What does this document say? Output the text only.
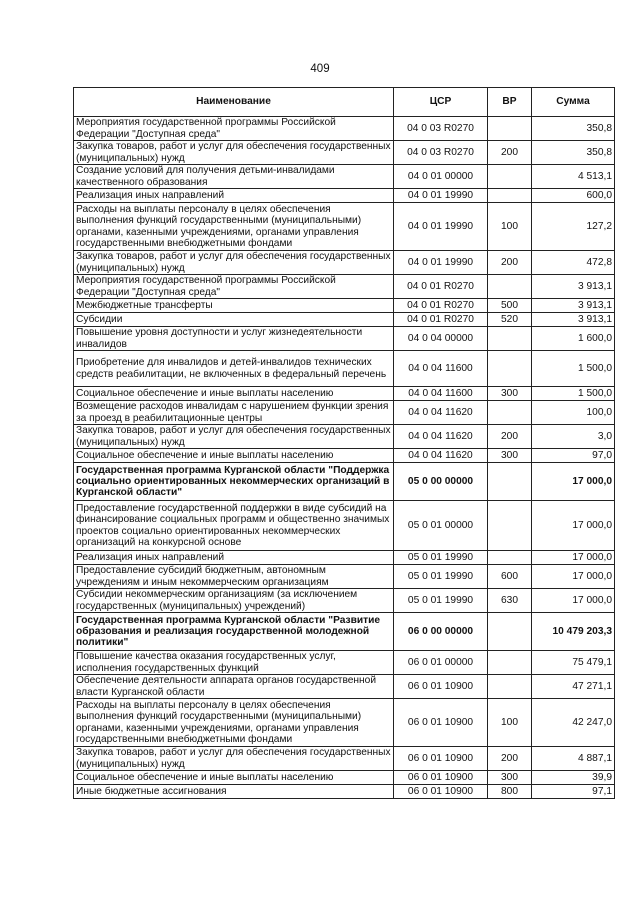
409
Наименование	ЦСР	ВР	Сумма
Мероприятия государственной программы Российской Федерации "Доступная среда"	04 0 03 R0270		350,8
Закупка товаров, работ и услуг для обеспечения государственных (муниципальных) нужд	04 0 03 R0270	200	350,8
Создание условий для получения детьми-инвалидами качественного образования	04 0 01 00000		4 513,1
Реализация иных направлений	04 0 01 19990		600,0
Расходы на выплаты персоналу в целях обеспечения выполнения функций государственными (муниципальными) органами, казенными учреждениями, органами управления государственными внебюджетными фондами	04 0 01 19990	100	127,2
Закупка товаров, работ и услуг для обеспечения государственных (муниципальных) нужд	04 0 01 19990	200	472,8
Мероприятия государственной программы Российской Федерации "Доступная среда"	04 0 01 R0270		3 913,1
Межбюджетные трансферты	04 0 01 R0270	500	3 913,1
Субсидии	04 0 01 R0270	520	3 913,1
Повышение уровня доступности и услуг жизнедеятельности инвалидов	04 0 04 00000		1 600,0
Приобретение для инвалидов и детей-инвалидов технических средств реабилитации, не включенных в федеральный перечень	04 0 04 11600		1 500,0
Социальное обеспечение и иные выплаты населению	04 0 04 11600	300	1 500,0
Возмещение расходов инвалидам с нарушением функции зрения за проезд в реабилитационные центры	04 0 04 11620		100,0
Закупка товаров, работ и услуг для обеспечения государственных (муниципальных) нужд	04 0 04 11620	200	3,0
Социальное обеспечение и иные выплаты населению	04 0 04 11620	300	97,0
Государственная программа Курганской области "Поддержка социально ориентированных некоммерческих организаций в Курганской области"	05 0 00 00000		17 000,0
Предоставление государственной поддержки в виде субсидий на финансирование социальных программ и общественно значимых проектов социально ориентированных некоммерческих организаций на конкурсной основе	05 0 01 00000		17 000,0
Реализация иных направлений	05 0 01 19990		17 000,0
Предоставление субсидий бюджетным, автономным учреждениям и иным некоммерческим организациям	05 0 01 19990	600	17 000,0
Субсидии некоммерческим организациям (за исключением государственных (муниципальных) учреждений)	05 0 01 19990	630	17 000,0
Государственная программа Курганской области "Развитие образования и реализация государственной молодежной политики"	06 0 00 00000		10 479 203,3
Повышение качества оказания государственных услуг, исполнения государственных функций	06 0 01 00000		75 479,1
Обеспечение деятельности аппарата органов государственной власти Курганской области	06 0 01 10900		47 271,1
Расходы на выплаты персоналу в целях обеспечения выполнения функций государственными (муниципальными) органами, казенными учреждениями, органами управления государственными внебюджетными фондами	06 0 01 10900	100	42 247,0
Закупка товаров, работ и услуг для обеспечения государственных (муниципальных) нужд	06 0 01 10900	200	4 887,1
Социальное обеспечение и иные выплаты населению	06 0 01 10900	300	39,9
Иные бюджетные ассигнования	06 0 01 10900	800	97,1
